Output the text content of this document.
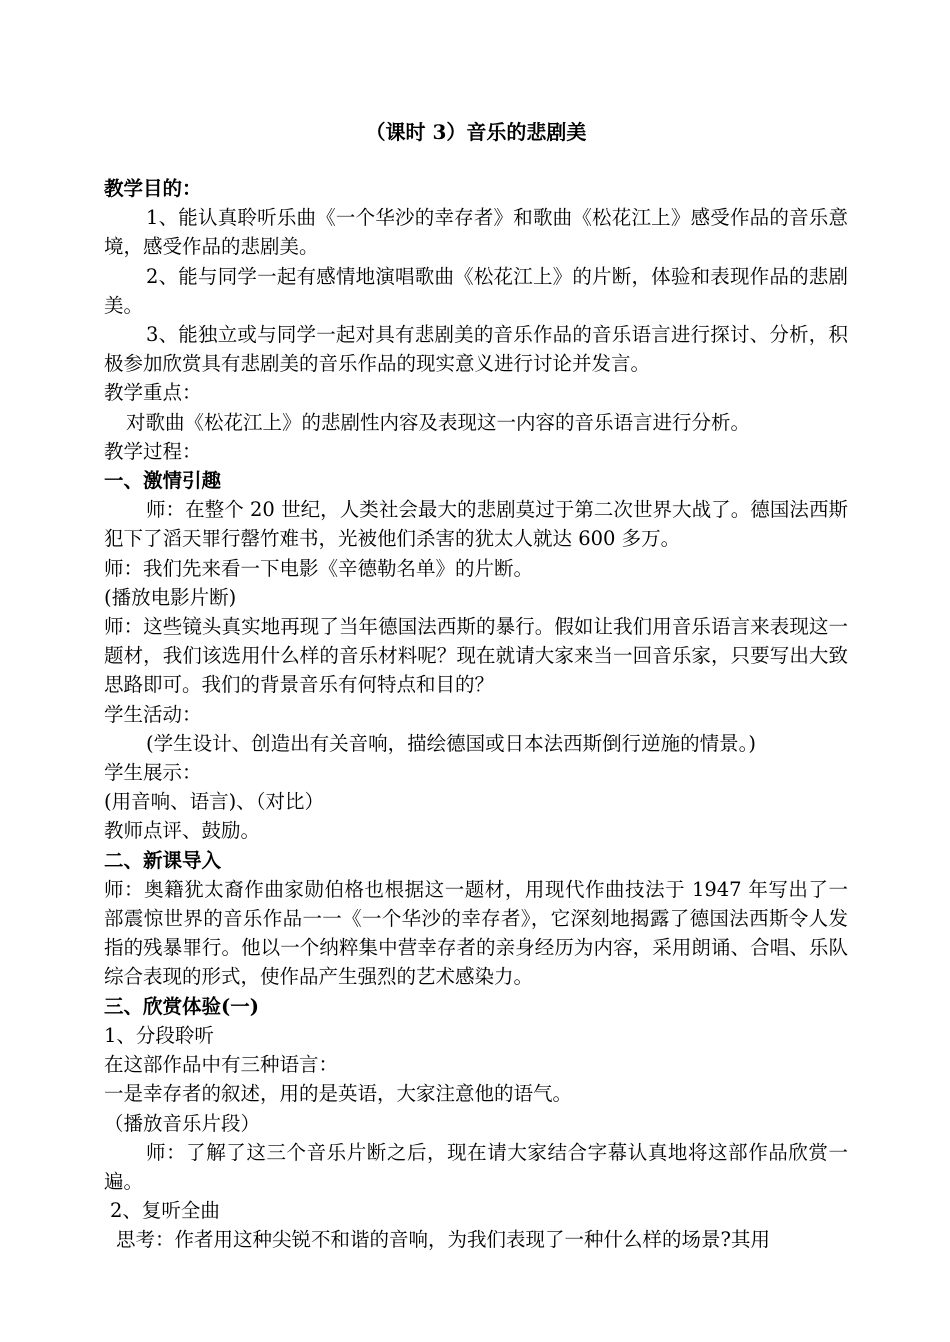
（课时 3）音乐的悲剧美

教学目的：

1、能认真聆听乐曲《一个华沙的幸存者》和歌曲《松花江上》感受作品的音乐意境，感受作品的悲剧美。

2、能与同学一起有感情地演唱歌曲《松花江上》的片断，体验和表现作品的悲剧美。

3、能独立或与同学一起对具有悲剧美的音乐作品的音乐语言进行探讨、分析，积极参加欣赏具有悲剧美的音乐作品的现实意义进行讨论并发言。

教学重点：

对歌曲《松花江上》的悲剧性内容及表现这一内容的音乐语言进行分析。

教学过程：

一、激情引趣

师：在整个 20 世纪，人类社会最大的悲剧莫过于第二次世界大战了。德国法西斯犯下了滔天罪行罄竹难书，光被他们杀害的犹太人就达 600 多万。

师：我们先来看一下电影《辛德勒名单》的片断。

(播放电影片断)

师：这些镜头真实地再现了当年德国法西斯的暴行。假如让我们用音乐语言来表现这一题材，我们该选用什么样的音乐材料呢？现在就请大家来当一回音乐家，只要写出大致思路即可。我们的背景音乐有何特点和目的？

学生活动：

(学生设计、创造出有关音响，描绘德国或日本法西斯倒行逆施的情景。)

学生展示：

(用音响、语言)、（对比）

教师点评、鼓励。

二、新课导入

师：奥籍犹太裔作曲家勋伯格也根据这一题材，用现代作曲技法于 1947 年写出了一部震惊世界的音乐作品一一《一个华沙的幸存者》，它深刻地揭露了德国法西斯令人发指的残暴罪行。他以一个纳粹集中营幸存者的亲身经历为内容，采用朗诵、合唱、乐队综合表现的形式，使作品产生强烈的艺术感染力。

三、欣赏体验(一)

1、分段聆听

在这部作品中有三种语言：

一是幸存者的叙述，用的是英语，大家注意他的语气。

（播放音乐片段）

师：了解了这三个音乐片断之后，现在请大家结合字幕认真地将这部作品欣赏一遍。

2、复听全曲

思考：作者用这种尖锐不和谐的音响，为我们表现了一种什么样的场景?其用
